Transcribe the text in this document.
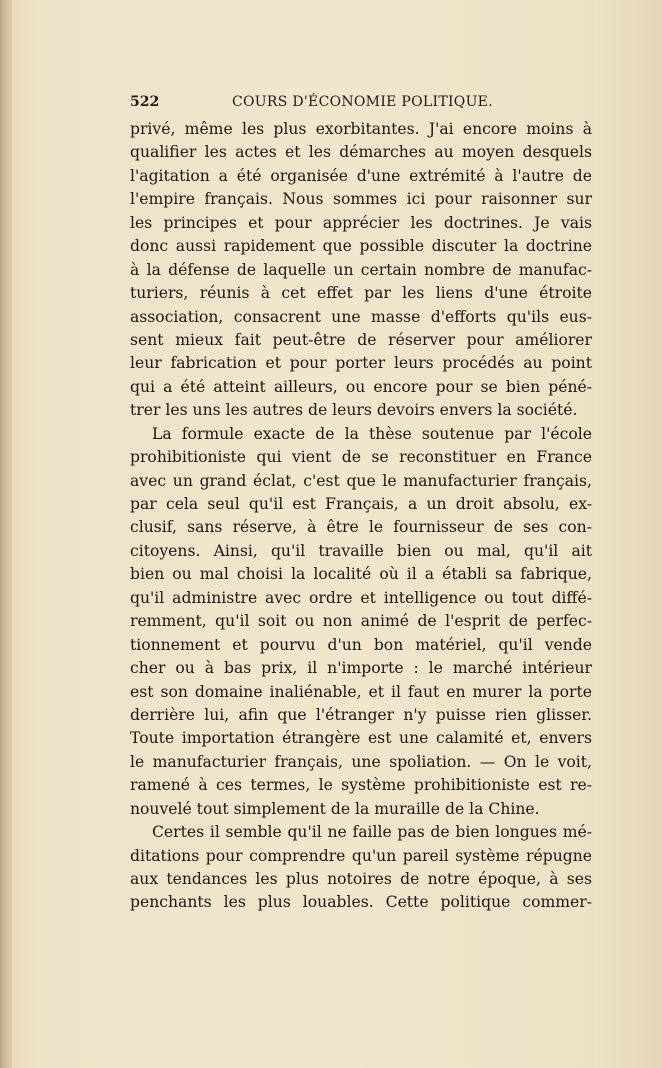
522	COURS D'ÉCONOMIE POLITIQUE.
privé, même les plus exorbitantes. J'ai encore moins à
qualifier les actes et les démarches au moyen desquels
l'agitation a été organisée d'une extrémité à l'autre de
l'empire français. Nous sommes ici pour raisonner sur
les principes et pour apprécier les doctrines. Je vais
donc aussi rapidement que possible discuter la doctrine
à la défense de laquelle un certain nombre de manufac-
turiers, réunis à cet effet par les liens d'une étroite
association, consacrent une masse d'efforts qu'ils eus-
sent mieux fait peut-être de réserver pour améliorer
leur fabrication et pour porter leurs procédés au point
qui a été atteint ailleurs, ou encore pour se bien péné-
trer les uns les autres de leurs devoirs envers la société.
La formule exacte de la thèse soutenue par l'école
prohibitioniste qui vient de se reconstituer en France
avec un grand éclat, c'est que le manufacturier français,
par cela seul qu'il est Français, a un droit absolu, ex-
clusif, sans réserve, à être le fournisseur de ses con-
citoyens. Ainsi, qu'il travaille bien ou mal, qu'il ait
bien ou mal choisi la localité où il a établi sa fabrique,
qu'il administre avec ordre et intelligence ou tout diffé-
remment, qu'il soit ou non animé de l'esprit de perfec-
tionnement et pourvu d'un bon matériel, qu'il vende
cher ou à bas prix, il n'importe : le marché intérieur
est son domaine inaliénable, et il faut en murer la porte
derrière lui, afin que l'étranger n'y puisse rien glisser.
Toute importation étrangère est une calamité et, envers
le manufacturier français, une spoliation. — On le voit,
ramené à ces termes, le système prohibitioniste est re-
nouvelé tout simplement de la muraille de la Chine.
Certes il semble qu'il ne faille pas de bien longues mé-
ditations pour comprendre qu'un pareil système répugne
aux tendances les plus notoires de notre époque, à ses
penchants les plus louables. Cette politique commer-
